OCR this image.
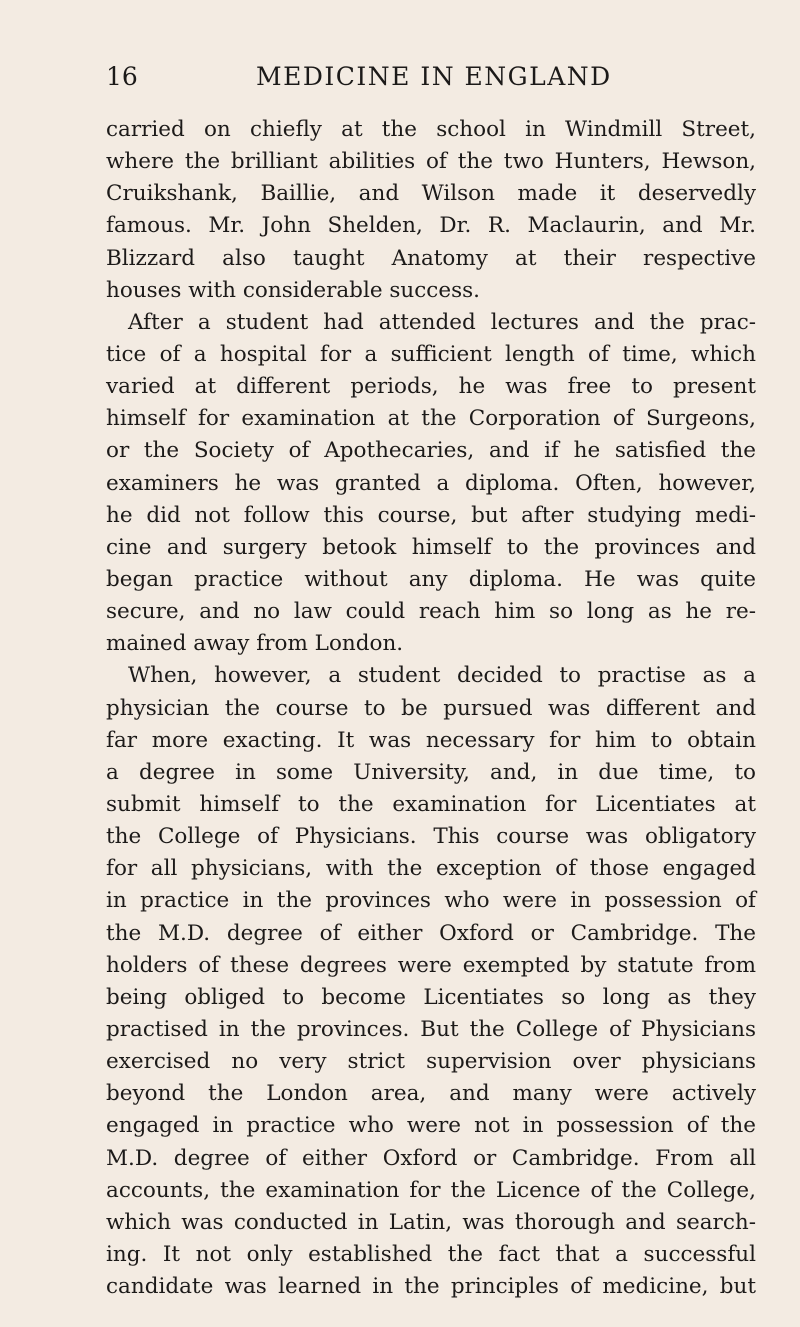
16	MEDICINE IN ENGLAND
carried on chiefly at the school in Windmill Street,
where the brilliant abilities of the two Hunters, Hewson,
Cruikshank, Baillie, and Wilson made it deservedly
famous. Mr. John Shelden, Dr. R. Maclaurin, and Mr.
Blizzard also taught Anatomy at their respective
houses with considerable success.
After a student had attended lectures and the prac-
tice of a hospital for a sufficient length of time, which
varied at different periods, he was free to present
himself for examination at the Corporation of Surgeons,
or the Society of Apothecaries, and if he satisfied the
examiners he was granted a diploma. Often, however,
he did not follow this course, but after studying medi-
cine and surgery betook himself to the provinces and
began practice without any diploma. He was quite
secure, and no law could reach him so long as he re-
mained away from London.
When, however, a student decided to practise as a
physician the course to be pursued was different and
far more exacting. It was necessary for him to obtain
a degree in some University, and, in due time, to
submit himself to the examination for Licentiates at
the College of Physicians. This course was obligatory
for all physicians, with the exception of those engaged
in practice in the provinces who were in possession of
the M.D. degree of either Oxford or Cambridge. The
holders of these degrees were exempted by statute from
being obliged to become Licentiates so long as they
practised in the provinces. But the College of Physicians
exercised no very strict supervision over physicians
beyond the London area, and many were actively
engaged in practice who were not in possession of the
M.D. degree of either Oxford or Cambridge. From all
accounts, the examination for the Licence of the College,
which was conducted in Latin, was thorough and search-
ing. It not only established the fact that a successful
candidate was learned in the principles of medicine, but
